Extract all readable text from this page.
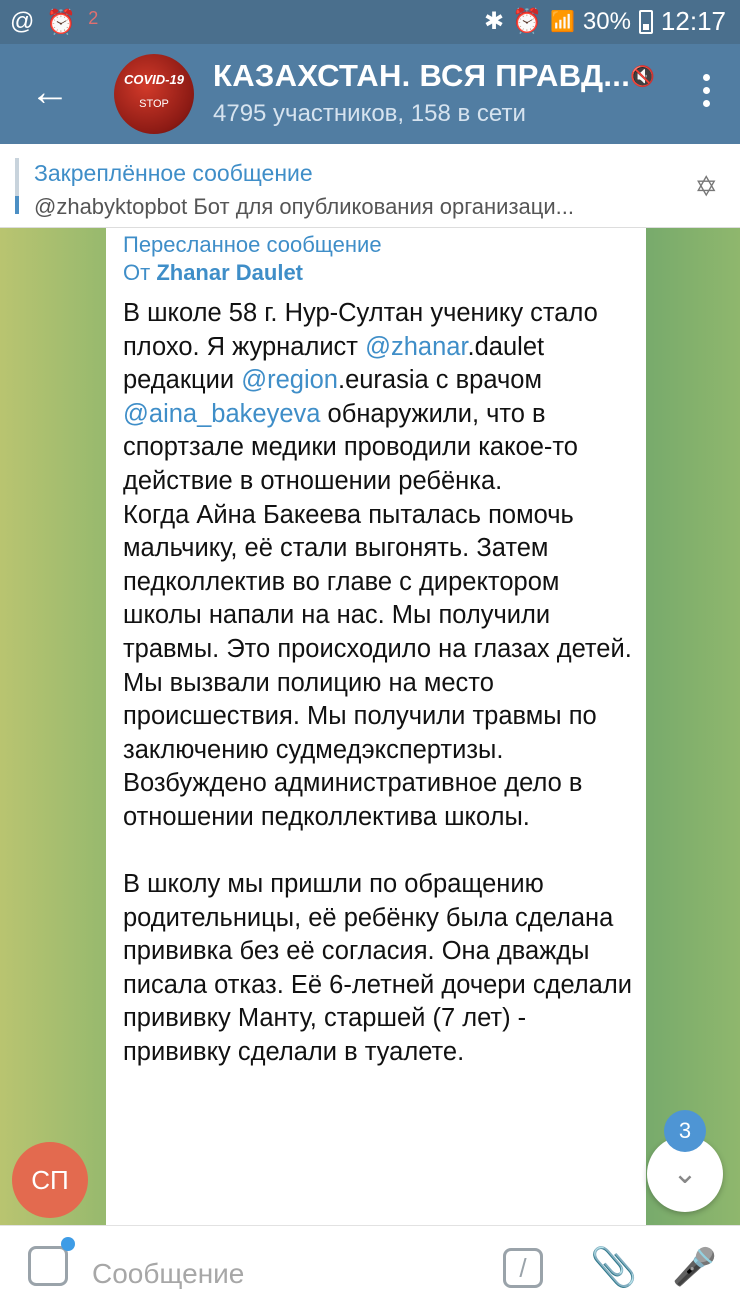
@ ⏰ 2	✱ ⏰ 📶 30% 12:17
←	COVID-19
STOP
КАЗАХСТАН. ВСЯ ПРАВД... 🔇
4795 участников, 158 в сети
Закреплённое сообщение
@zhabyktopbot Бот для опубликования организаци...
✡
Пересланное сообщение
От Zhanar Daulet

В школе 58 г. Нур-Султан ученику стало плохо. Я журналист @zhanar.daulet редакции @region.eurasia с врачом @aina_bakeyeva обнаружили, что в спортзале медики проводили какое-то действие в отношении ребёнка.

Когда Айна Бакеева пыталась помочь мальчику, её стали выгонять. Затем педколлектив во главе с директором школы напали на нас. Мы получили травмы. Это происходило на глазах детей.

Мы вызвали полицию на место происшествия. Мы получили травмы по заключению судмедэкспертизы. Возбуждено административное дело в отношении педколлектива школы.

В школу мы пришли по обращению родительницы, её ребёнку была сделана прививка без её согласия. Она дважды писала отказ. Её 6-летней дочери сделали прививку Манту, старшей (7 лет) - прививку сделали в туалете.

СП	⌄
3
Сообщение	/	📎 🎤
